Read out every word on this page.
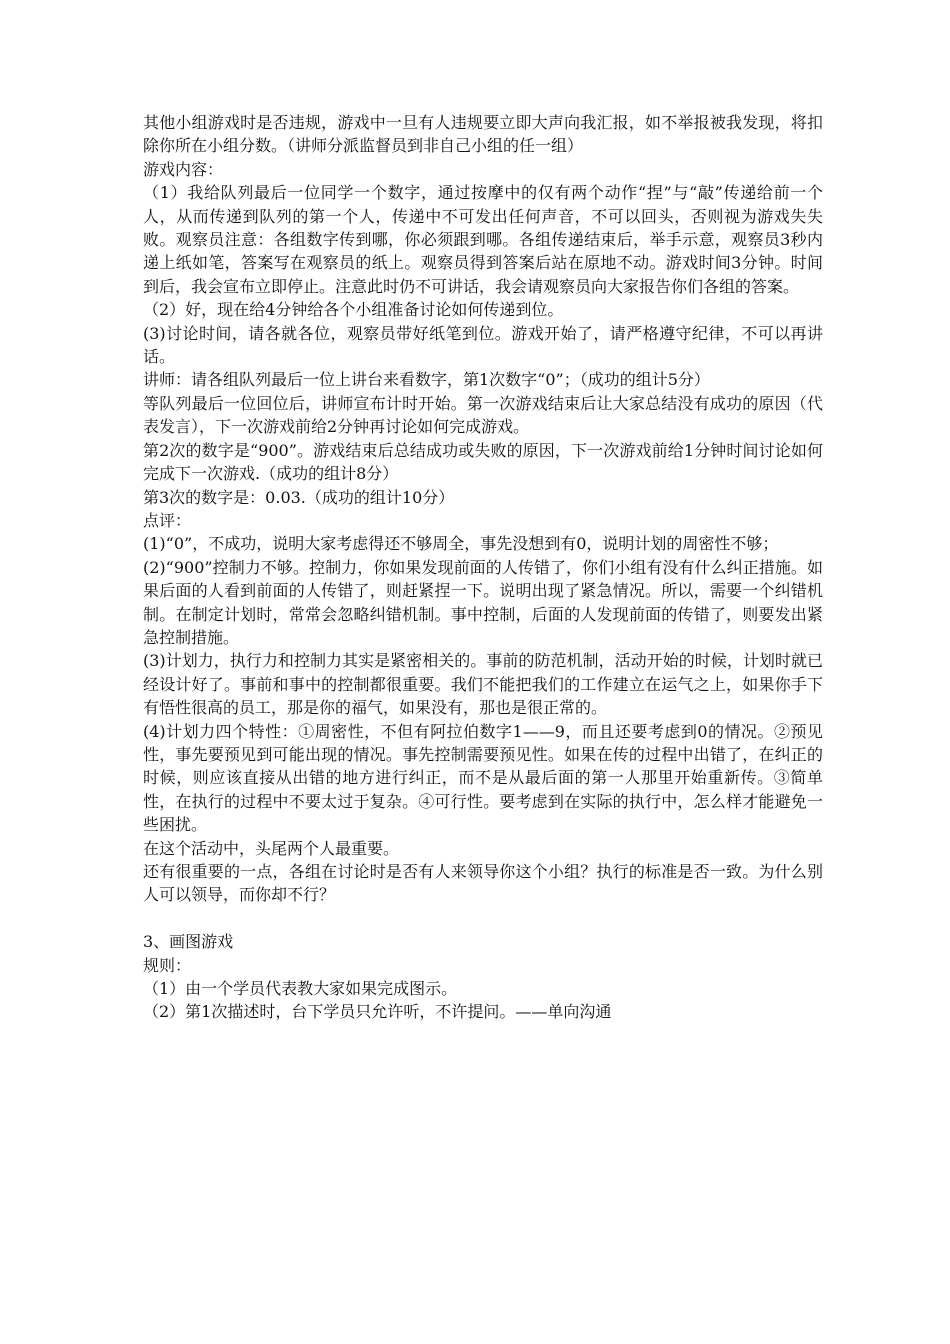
其他小组游戏时是否违规，游戏中一旦有人违规要立即大声向我汇报，如不举报被我发现，将扣除你所在小组分数。（讲师分派监督员到非自己小组的任一组）

游戏内容：

（1）我给队列最后一位同学一个数字，通过按摩中的仅有两个动作“捏”与“敲”传递给前一个人，从而传递到队列的第一个人，传递中不可发出任何声音，不可以回头，否则视为游戏失失败。观察员注意：各组数字传到哪，你必须跟到哪。各组传递结束后，举手示意，观察员3秒内递上纸如笔，答案写在观察员的纸上。观察员得到答案后站在原地不动。游戏时间3分钟。时间到后，我会宣布立即停止。注意此时仍不可讲话，我会请观察员向大家报告你们各组的答案。

（2）好，现在给4分钟给各个小组准备讨论如何传递到位。

(3)讨论时间，请各就各位，观察员带好纸笔到位。游戏开始了，请严格遵守纪律，不可以再讲话。

讲师：请各组队列最后一位上讲台来看数字，第1次数字“0”；（成功的组计5分）

等队列最后一位回位后，讲师宣布计时开始。第一次游戏结束后让大家总结没有成功的原因（代表发言），下一次游戏前给2分钟再讨论如何完成游戏。

第2次的数字是“900”。游戏结束后总结成功或失败的原因，下一次游戏前给1分钟时间讨论如何完成下一次游戏.（成功的组计8分）

第3次的数字是：0.03.（成功的组计10分）

点评：

(1)“0”，不成功，说明大家考虑得还不够周全，事先没想到有0，说明计划的周密性不够；

(2)“900”控制力不够。控制力，你如果发现前面的人传错了，你们小组有没有什么纠正措施。如果后面的人看到前面的人传错了，则赶紧捏一下。说明出现了紧急情况。所以，需要一个纠错机制。在制定计划时，常常会忽略纠错机制。事中控制，后面的人发现前面的传错了，则要发出紧急控制措施。

(3)计划力，执行力和控制力其实是紧密相关的。事前的防范机制，活动开始的时候，计划时就已经设计好了。事前和事中的控制都很重要。我们不能把我们的工作建立在运气之上，如果你手下有悟性很高的员工，那是你的福气，如果没有，那也是很正常的。

(4)计划力四个特性：①周密性，不但有阿拉伯数字1——9，而且还要考虑到0的情况。②预见性，事先要预见到可能出现的情况。事先控制需要预见性。如果在传的过程中出错了，在纠正的时候，则应该直接从出错的地方进行纠正，而不是从最后面的第一人那里开始重新传。③简单性，在执行的过程中不要太过于复杂。④可行性。要考虑到在实际的执行中，怎么样才能避免一些困扰。

在这个活动中，头尾两个人最重要。

还有很重要的一点，各组在讨论时是否有人来领导你这个小组？执行的标准是否一致。为什么别人可以领导，而你却不行？

3、画图游戏

规则：

（1）由一个学员代表教大家如果完成图示。

（2）第1次描述时，台下学员只允许听，不许提问。——单向沟通
